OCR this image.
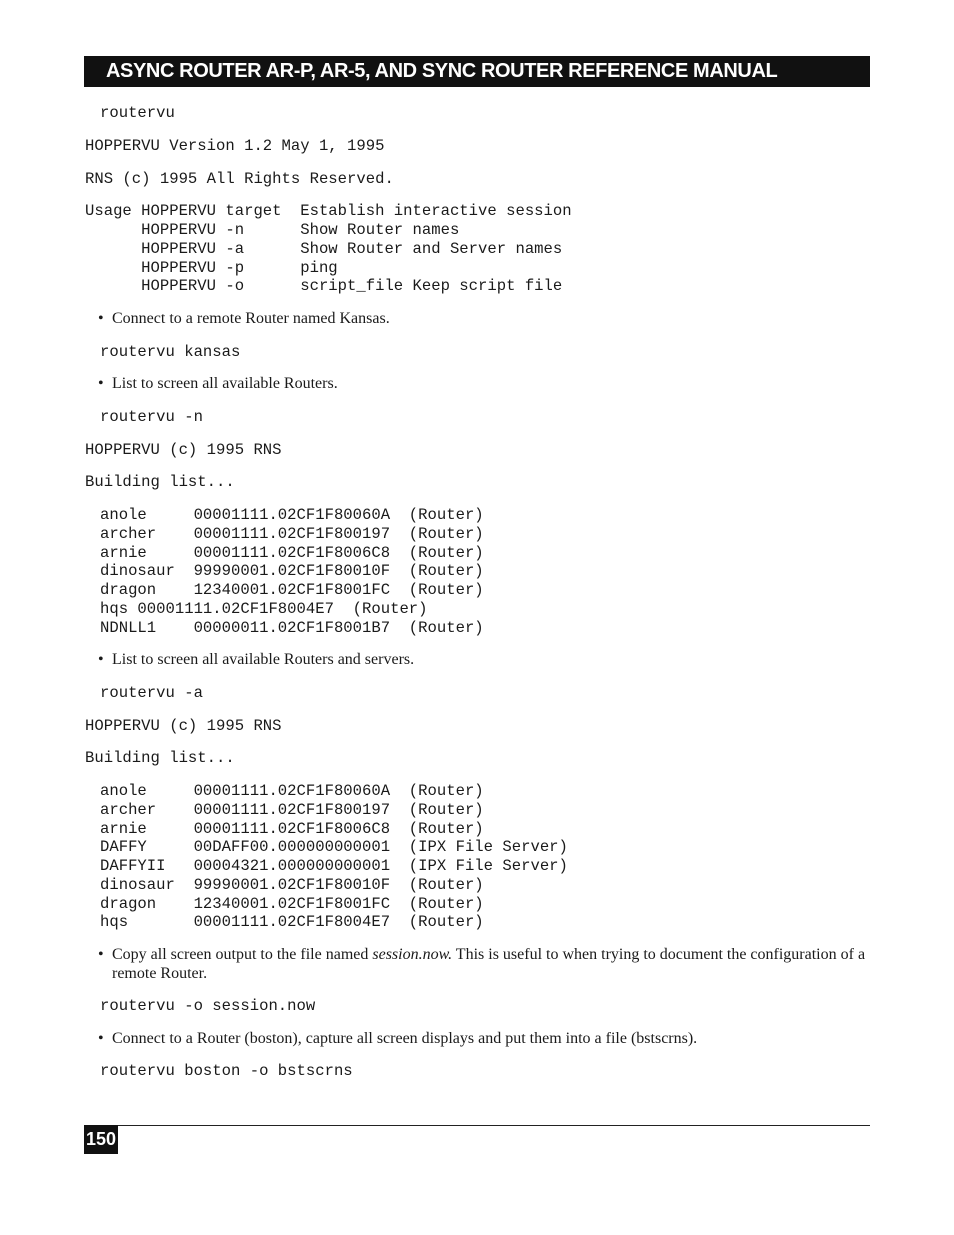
ASYNC ROUTER AR-P, AR-5, AND SYNC ROUTER REFERENCE MANUAL
routervu
HOPPERVU Version 1.2 May 1, 1995
RNS (c) 1995 All Rights Reserved.
Usage HOPPERVU target  Establish interactive session
HOPPERVU -n      Show Router names
HOPPERVU -a      Show Router and Server names
HOPPERVU -p      ping
HOPPERVU -o      script_file Keep script file

• Connect to a remote Router named Kansas.

routervu kansas

• List to screen all available Routers.

routervu -n
HOPPERVU (c) 1995 RNS
Building list...
anole     00001111.02CF1F80060A  (Router)
archer    00001111.02CF1F800197  (Router)
arnie     00001111.02CF1F8006C8  (Router)
dinosaur  99990001.02CF1F80010F  (Router)
dragon    12340001.02CF1F8001FC  (Router)
hqs 00001111.02CF1F8004E7  (Router)
NDNLL1    00000011.02CF1F8001B7  (Router)

• List to screen all available Routers and servers.

routervu -a
HOPPERVU (c) 1995 RNS
Building list...
anole     00001111.02CF1F80060A  (Router)
archer    00001111.02CF1F800197  (Router)
arnie     00001111.02CF1F8006C8  (Router)
DAFFY     00DAFF00.000000000001  (IPX File Server)
DAFFYII   00004321.000000000001  (IPX File Server)
dinosaur  99990001.02CF1F80010F  (Router)
dragon    12340001.02CF1F8001FC  (Router)
hqs       00001111.02CF1F8004E7  (Router)

• Copy all screen output to the file named session.now. This is useful to when trying to document the configuration of a remote Router.

routervu -o session.now

• Connect to a Router (boston), capture all screen displays and put them into a file (bstscrns).

routervu boston -o bstscrns
150
